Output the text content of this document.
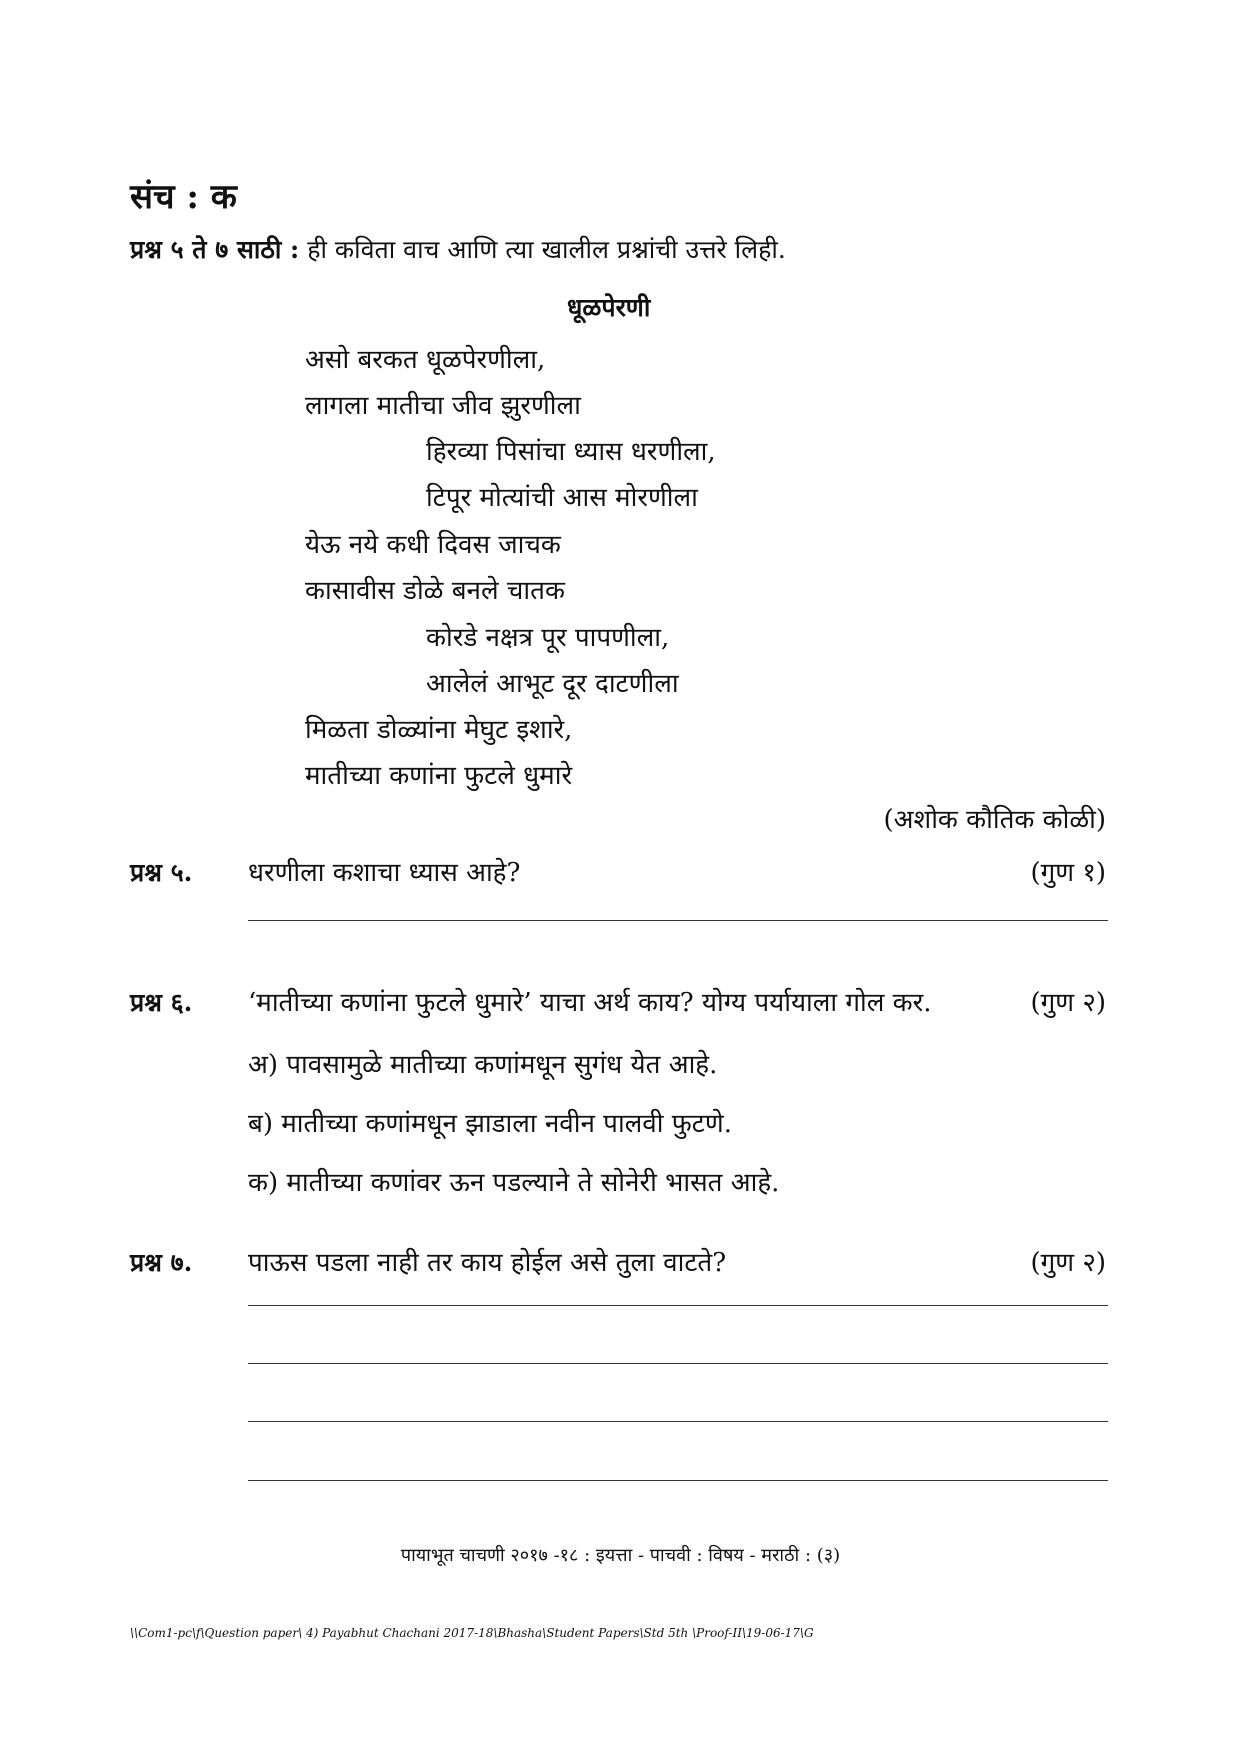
संच : क
प्रश्न ५ ते ७ साठी : ही कविता वाच आणि त्या खालील प्रश्नांची उत्तरे लिही.
धूळपेरणी
असो बरकत धूळपेरणीला,
लागला मातीचा जीव झुरणीला
हिरव्या पिसांचा ध्यास धरणीला,
टिपूर मोत्यांची आस मोरणीला
येऊ नये कधी दिवस जाचक
कासावीस डोळे बनले चातक
कोरडे नक्षत्र पूर पापणीला,
आलेलं आभूट दूर दाटणीला
मिळता डोळ्यांना मेघुट इशारे,
मातीच्या कणांना फुटले धुमारे
(अशोक कौतिक कोळी)
प्रश्न ५. धरणीला कशाचा ध्यास आहे?	(गुण १)
प्रश्न ६. ‘मातीच्या कणांना फुटले धुमारे’ याचा अर्थ काय? योग्य पर्यायाला गोल कर.	(गुण २)
अ) पावसामुळे मातीच्या कणांमधून सुगंध येत आहे.
ब) मातीच्या कणांमधून झाडाला नवीन पालवी फुटणे.
क) मातीच्या कणांवर ऊन पडल्याने ते सोनेरी भासत आहे.
प्रश्न ७. पाऊस पडला नाही तर काय होईल असे तुला वाटते?	(गुण २)
पायाभूत चाचणी २०१७ -१८ : इयत्ता - पाचवी : विषय - मराठी : (३)
\\Com1-pc\f\Question paper\ 4) Payabhut Chachani 2017-18\Bhasha\Student Papers\Std 5th \Proof-II\19-06-17\G
